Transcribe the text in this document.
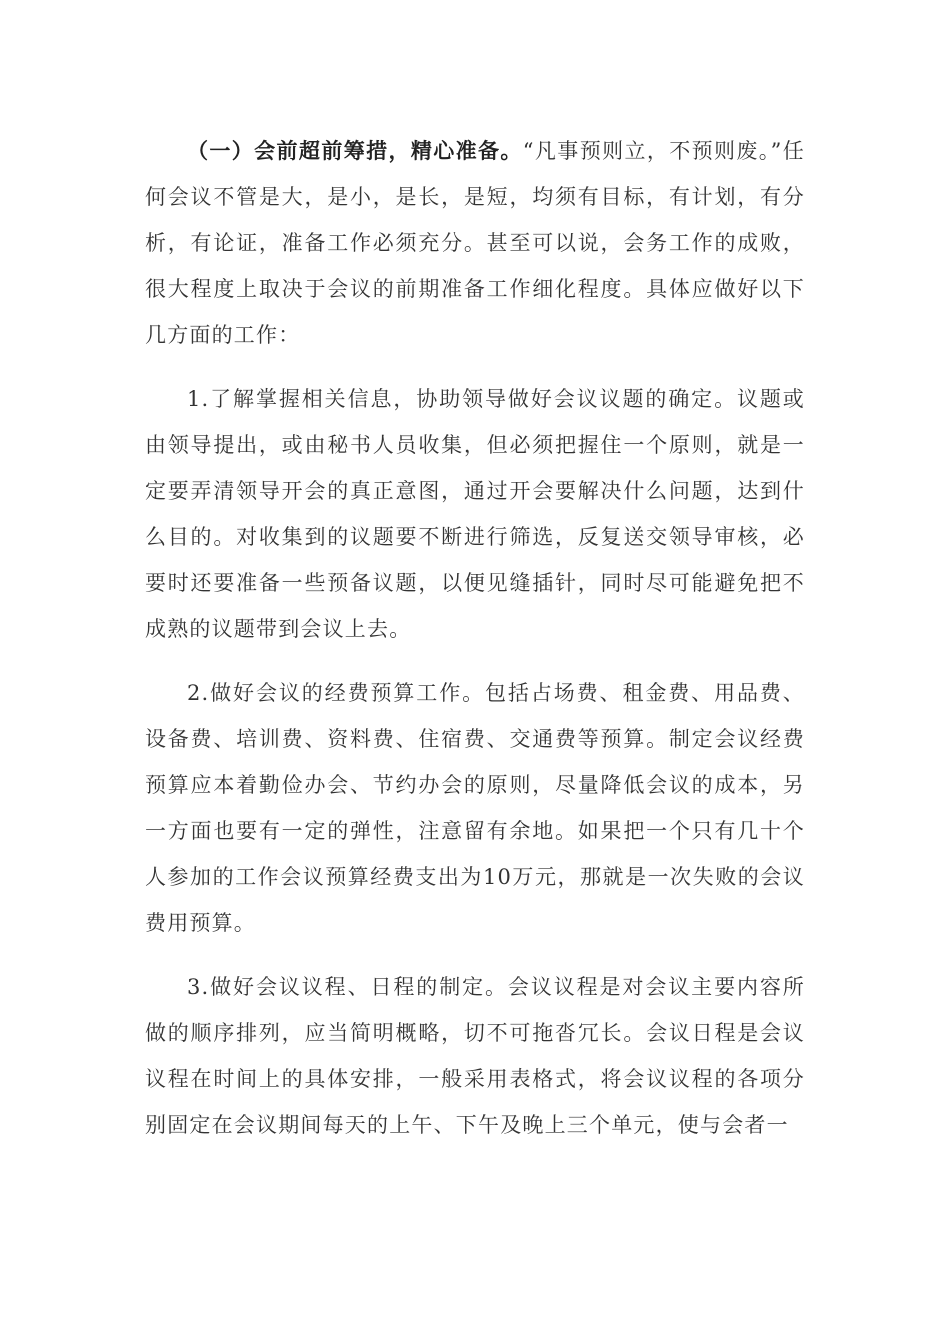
（一）会前超前筹措，精心准备。“凡事预则立，不预则废。”任何会议不管是大，是小，是长，是短，均须有目标，有计划，有分析，有论证，准备工作必须充分。甚至可以说，会务工作的成败，很大程度上取决于会议的前期准备工作细化程度。具体应做好以下几方面的工作：

1.了解掌握相关信息，协助领导做好会议议题的确定。议题或由领导提出，或由秘书人员收集，但必须把握住一个原则，就是一定要弄清领导开会的真正意图，通过开会要解决什么问题，达到什么目的。对收集到的议题要不断进行筛选，反复送交领导审核，必要时还要准备一些预备议题，以便见缝插针，同时尽可能避免把不成熟的议题带到会议上去。

2.做好会议的经费预算工作。包括占场费、租金费、用品费、设备费、培训费、资料费、住宿费、交通费等预算。制定会议经费预算应本着勤俭办会、节约办会的原则，尽量降低会议的成本，另一方面也要有一定的弹性，注意留有余地。如果把一个只有几十个人参加的工作会议预算经费支出为10万元，那就是一次失败的会议费用预算。

3.做好会议议程、日程的制定。会议议程是对会议主要内容所做的顺序排列，应当简明概略，切不可拖沓冗长。会议日程是会议议程在时间上的具体安排，一般采用表格式，将会议议程的各项分别固定在会议期间每天的上午、下午及晚上三个单元，使与会者一
